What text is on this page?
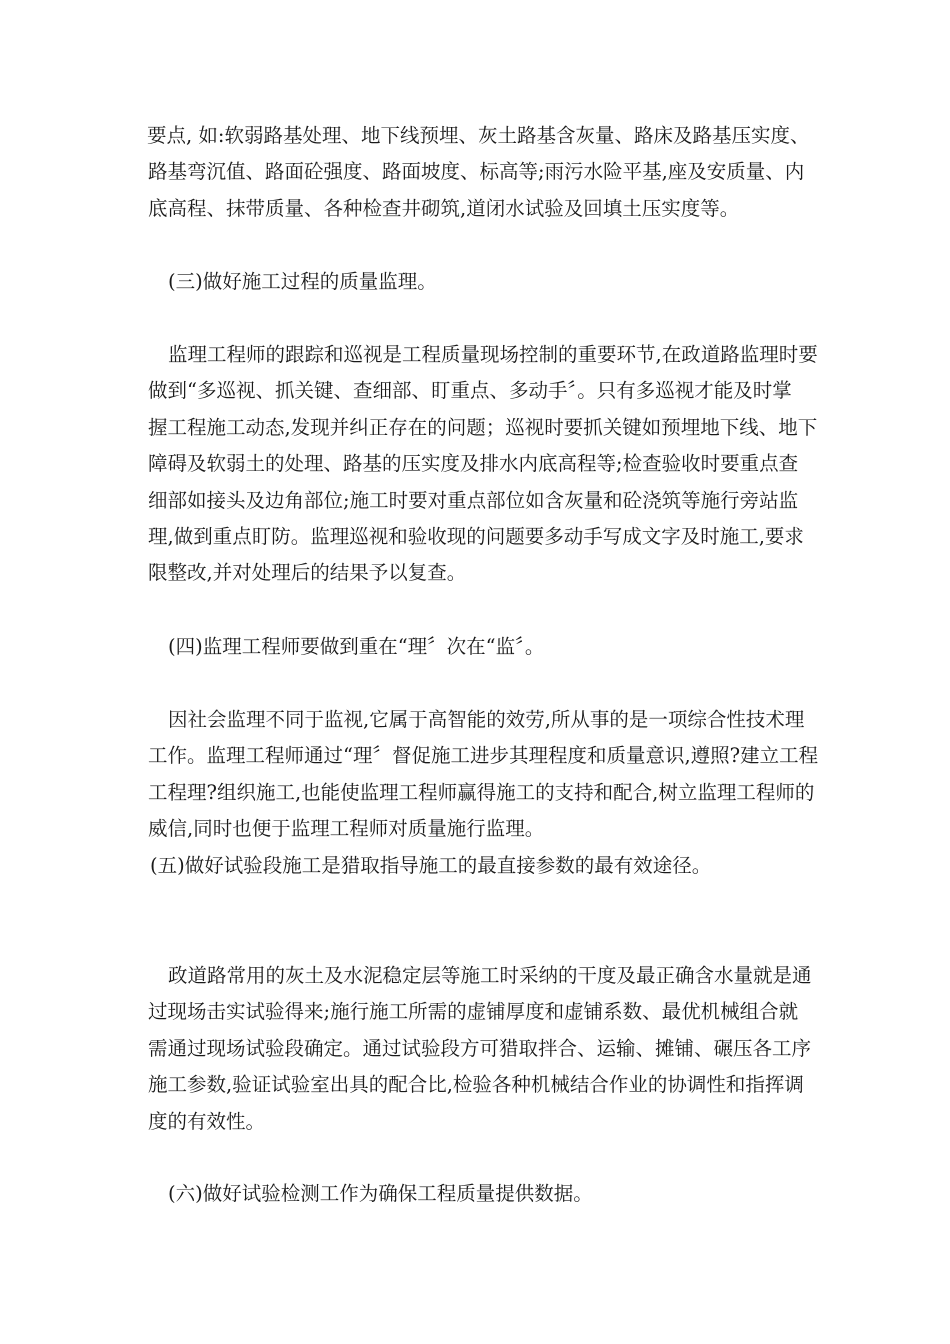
要点, 如:软弱路基处理、地下线预埋、灰土路基含灰量、路床及路基压实度、
路基弯沉值、路面砼强度、路面坡度、标高等;雨污水险平基,座及安质量、内
底高程、抹带质量、各种检查井砌筑,道闭水试验及回填土压实度等。
(三)做好施工过程的质量监理。
监理工程师的跟踪和巡视是工程质量现场控制的重要环节,在政道路监理时要
做到“多巡视、抓关键、查细部、盯重点、多动手〞。只有多巡视才能及时掌
握工程施工动态,发现并纠正存在的问题；巡视时要抓关键如预埋地下线、地下
障碍及软弱土的处理、路基的压实度及排水内底高程等;检查验收时要重点查
细部如接头及边角部位;施工时要对重点部位如含灰量和砼浇筑等施行旁站监
理,做到重点盯防。监理巡视和验收现的问题要多动手写成文字及时施工,要求
限整改,并对处理后的结果予以复查。
(四)监理工程师要做到重在“理〞次在“监〞。
因社会监理不同于监视,它属于高智能的效劳,所从事的是一项综合性技术理
工作。监理工程师通过“理〞督促施工进步其理程度和质量意识,遵照?建立工程
工程理?组织施工,也能使监理工程师赢得施工的支持和配合,树立监理工程师的
威信,同时也便于监理工程师对质量施行监理。
(五)做好试验段施工是猎取指导施工的最直接参数的最有效途径。
政道路常用的灰土及水泥稳定层等施工时采纳的干度及最正确含水量就是通
过现场击实试验得来;施行施工所需的虚铺厚度和虚铺系数、最优机械组合就
需通过现场试验段确定。通过试验段方可猎取拌合、运输、摊铺、碾压各工序
施工参数,验证试验室出具的配合比,检验各种机械结合作业的协调性和指挥调
度的有效性。
(六)做好试验检测工作为确保工程质量提供数据。
